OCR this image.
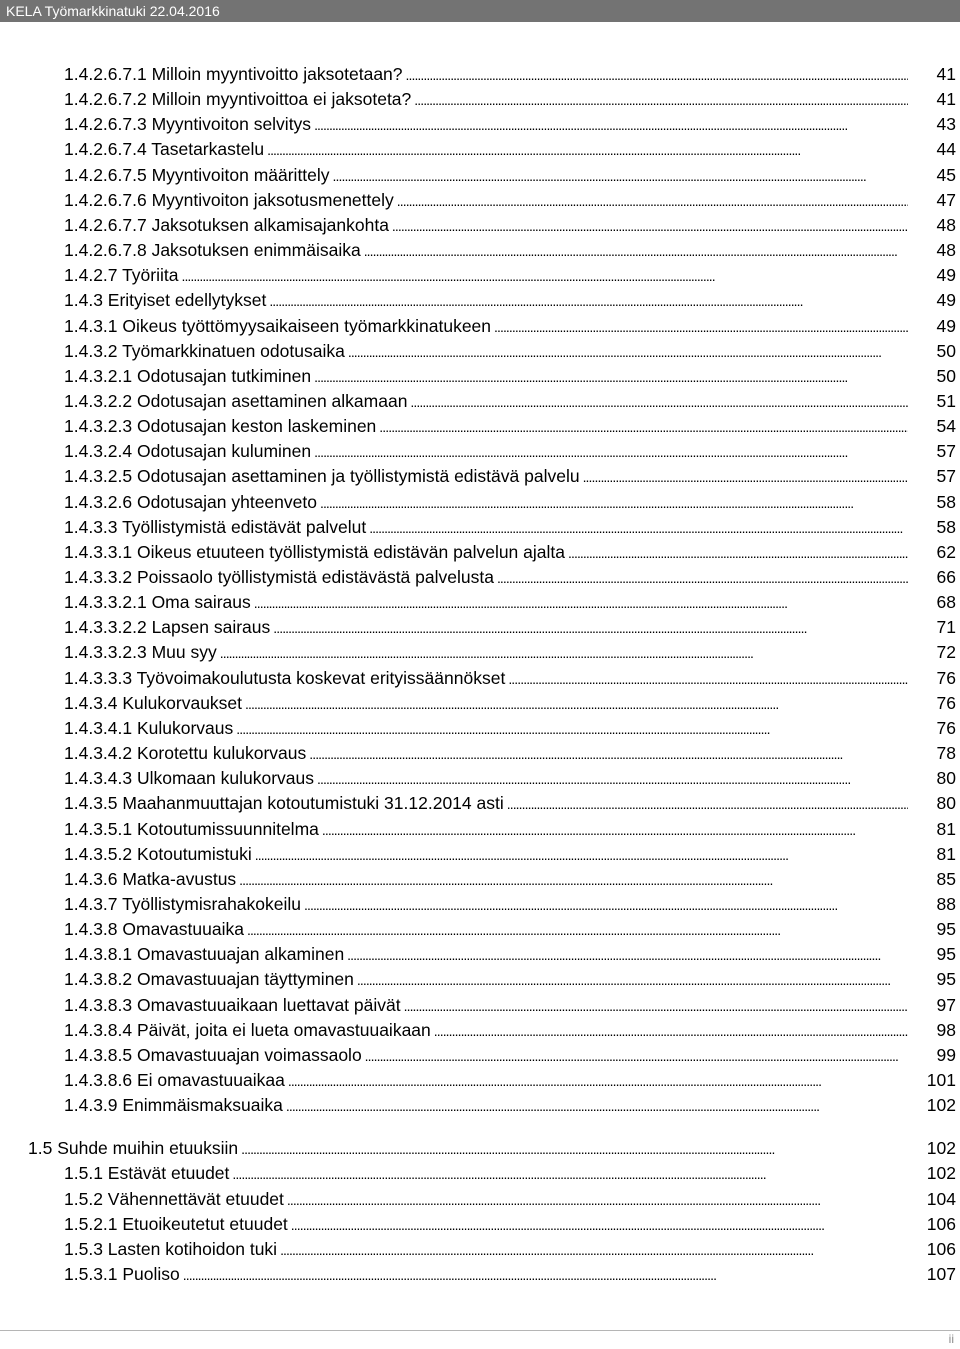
KELA Työmarkkinatuki 22.04.2016
1.4.2.6.7.1 Milloin myyntivoitto jaksotetaan? . . .	41
1.4.2.6.7.2 Milloin myyntivoittoa ei jaksoteta? . . .	41
1.4.2.6.7.3 Myyntivoiton selvitys . . .	43
1.4.2.6.7.4 Tasetarkastelu . . .	44
1.4.2.6.7.5 Myyntivoiton määrittely . . .	45
1.4.2.6.7.6 Myyntivoiton jaksotusmenettely . . .	47
1.4.2.6.7.7 Jaksotuksen alkamisajankohta . . .	48
1.4.2.6.7.8 Jaksotuksen enimmäisaika . . .	48
1.4.2.7 Työriita . . .	49
1.4.3 Erityiset edellytykset . . .	49
1.4.3.1 Oikeus työttömyysaikaiseen työmarkkinatukeen . . .	49
1.4.3.2 Työmarkkinatuen odotusaika . . .	50
1.4.3.2.1 Odotusajan tutkiminen . . .	50
1.4.3.2.2 Odotusajan asettaminen alkamaan . . .	51
1.4.3.2.3 Odotusajan keston laskeminen . . .	54
1.4.3.2.4 Odotusajan kuluminen . . .	57
1.4.3.2.5 Odotusajan asettaminen ja työllistymistä edistävä palvelu . . .	57
1.4.3.2.6 Odotusajan yhteenveto . . .	58
1.4.3.3 Työllistymistä edistävät palvelut . . .	58
1.4.3.3.1 Oikeus etuuteen työllistymistä edistävän palvelun ajalta . . .	62
1.4.3.3.2 Poissaolo työllistymistä edistävästä palvelusta . . .	66
1.4.3.3.2.1 Oma sairaus . . .	68
1.4.3.3.2.2 Lapsen sairaus . . .	71
1.4.3.3.2.3 Muu syy . . .	72
1.4.3.3.3 Työvoimakoulutusta koskevat erityissäännökset . . .	76
1.4.3.4 Kulukorvaukset . . .	76
1.4.3.4.1 Kulukorvaus . . .	76
1.4.3.4.2 Korotettu kulukorvaus . . .	78
1.4.3.4.3 Ulkomaan kulukorvaus . . .	80
1.4.3.5 Maahanmuuttajan kotoutumistuki 31.12.2014 asti . . .	80
1.4.3.5.1 Kotoutumissuunnitelma . . .	81
1.4.3.5.2 Kotoutumistuki . . .	81
1.4.3.6 Matka-avustus . . .	85
1.4.3.7 Työllistymisrahakokeilu . . .	88
1.4.3.8 Omavastuuaika . . .	95
1.4.3.8.1 Omavastuuajan alkaminen . . .	95
1.4.3.8.2 Omavastuuajan täyttyminen . . .	95
1.4.3.8.3 Omavastuuaikaan luettavat päivät . . .	97
1.4.3.8.4 Päivät, joita ei lueta omavastuuaikaan . . .	98
1.4.3.8.5 Omavastuuajan voimassaolo . . .	99
1.4.3.8.6 Ei omavastuuaikaa . . .	101
1.4.3.9 Enimmäismaksuaika . . .	102
1.5 Suhde muihin etuuksiin . . .	102
1.5.1 Estävät etuudet . . .	102
1.5.2 Vähennettävät etuudet . . .	104
1.5.2.1 Etuoikeutetut etuudet . . .	106
1.5.3 Lasten kotihoidon tuki . . .	106
1.5.3.1 Puoliso . . .	107
ii
